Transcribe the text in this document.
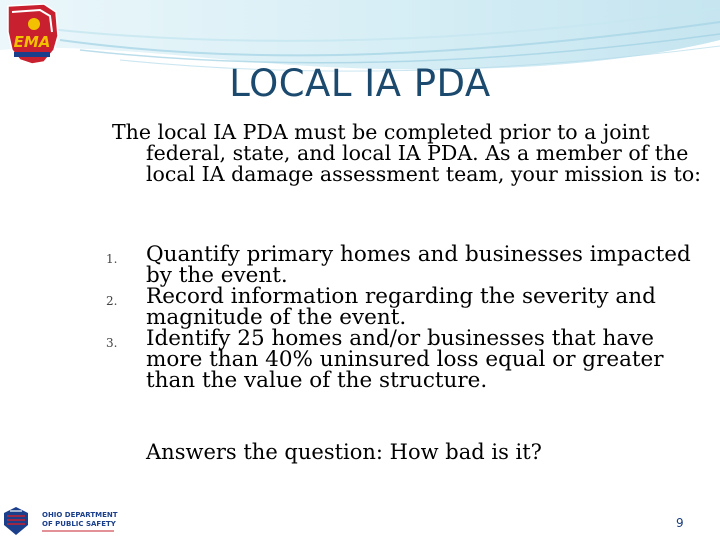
EMA
LOCAL IA PDA
The local IA PDA must be completed prior to a joint federal, state, and local IA PDA. As a member of the local IA damage assessment team, your mission is to:
1. Quantify primary homes and businesses impacted by the event.
2. Record information regarding the severity and magnitude of the event.
3. Identify 25 homes and/or businesses that have more than 40% uninsured loss equal or greater than the value of the structure.
Answers the question: How bad is it?
OHIO DEPARTMENT
OF PUBLIC SAFETY	9
